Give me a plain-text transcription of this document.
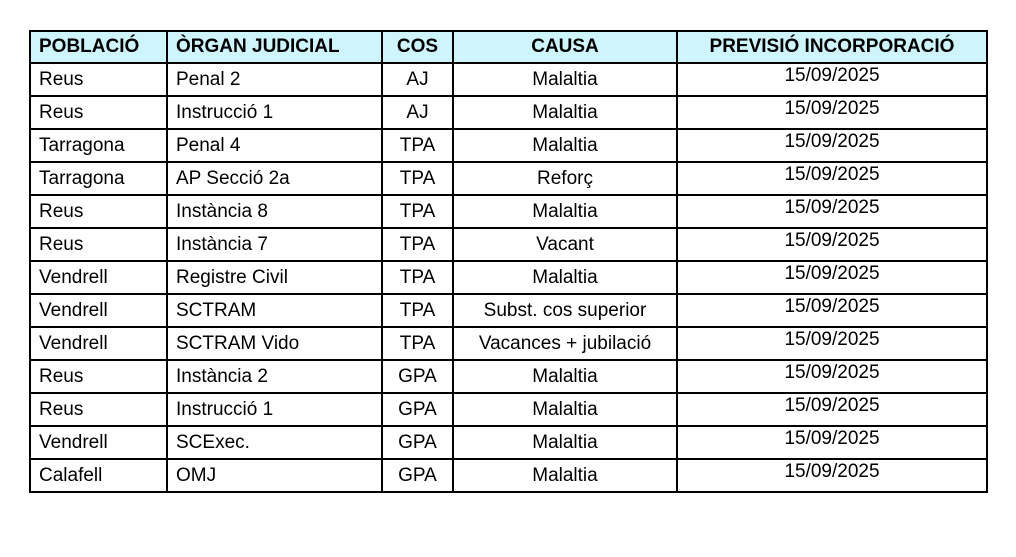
POBLACIÓ	ÒRGAN JUDICIAL	COS	CAUSA	PREVISIÓ INCORPORACIÓ
Reus	Penal 2	AJ	Malaltia	15/09/2025
Reus	Instrucció 1	AJ	Malaltia	15/09/2025
Tarragona	Penal 4	TPA	Malaltia	15/09/2025
Tarragona	AP Secció 2a	TPA	Reforç	15/09/2025
Reus	Instància 8	TPA	Malaltia	15/09/2025
Reus	Instància 7	TPA	Vacant	15/09/2025
Vendrell	Registre Civil	TPA	Malaltia	15/09/2025
Vendrell	SCTRAM	TPA	Subst. cos superior	15/09/2025
Vendrell	SCTRAM Vido	TPA	Vacances + jubilació	15/09/2025
Reus	Instància 2	GPA	Malaltia	15/09/2025
Reus	Instrucció 1	GPA	Malaltia	15/09/2025
Vendrell	SCExec.	GPA	Malaltia	15/09/2025
Calafell	OMJ	GPA	Malaltia	15/09/2025
